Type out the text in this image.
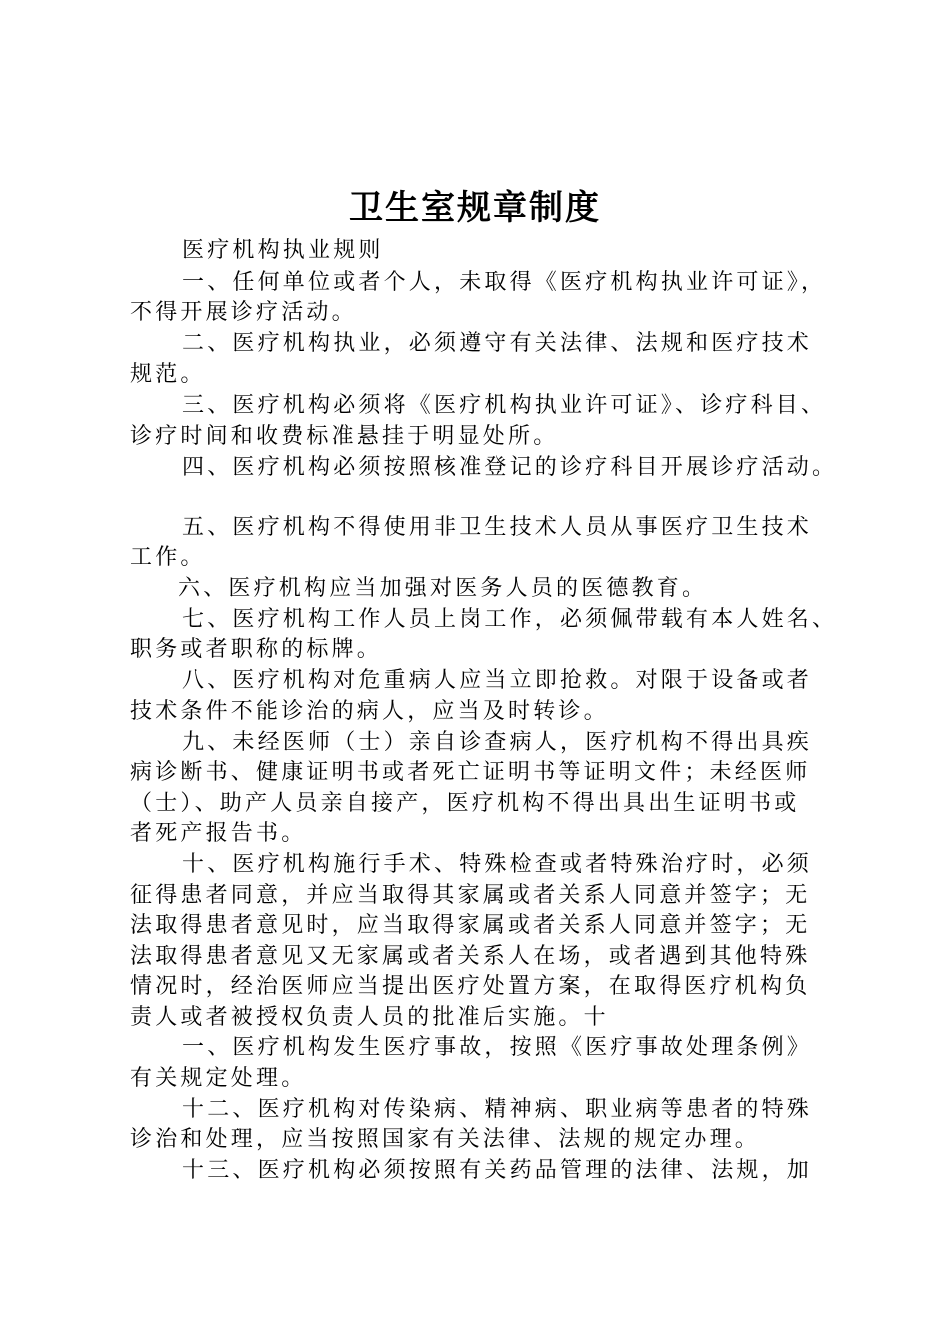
卫生室规章制度
医疗机构执业规则
一、任何单位或者个人，未取得《医疗机构执业许可证》，
不得开展诊疗活动。
二、医疗机构执业，必须遵守有关法律、法规和医疗技术
规范。
三、医疗机构必须将《医疗机构执业许可证》、诊疗科目、
诊疗时间和收费标准悬挂于明显处所。
四、医疗机构必须按照核准登记的诊疗科目开展诊疗活动。
五、医疗机构不得使用非卫生技术人员从事医疗卫生技术
工作。
六、医疗机构应当加强对医务人员的医德教育。
七、医疗机构工作人员上岗工作，必须佩带载有本人姓名、
职务或者职称的标牌。
八、医疗机构对危重病人应当立即抢救。对限于设备或者
技术条件不能诊治的病人，应当及时转诊。
九、未经医师（士）亲自诊查病人，医疗机构不得出具疾
病诊断书、健康证明书或者死亡证明书等证明文件；未经医师
（士）、助产人员亲自接产，医疗机构不得出具出生证明书或
者死产报告书。
十、医疗机构施行手术、特殊检查或者特殊治疗时，必须
征得患者同意，并应当取得其家属或者关系人同意并签字；无
法取得患者意见时，应当取得家属或者关系人同意并签字；无
法取得患者意见又无家属或者关系人在场，或者遇到其他特殊
情况时，经治医师应当提出医疗处置方案，在取得医疗机构负
责人或者被授权负责人员的批准后实施。十
一、医疗机构发生医疗事故，按照《医疗事故处理条例》
有关规定处理。
十二、医疗机构对传染病、精神病、职业病等患者的特殊
诊治和处理，应当按照国家有关法律、法规的规定办理。
十三、医疗机构必须按照有关药品管理的法律、法规，加
